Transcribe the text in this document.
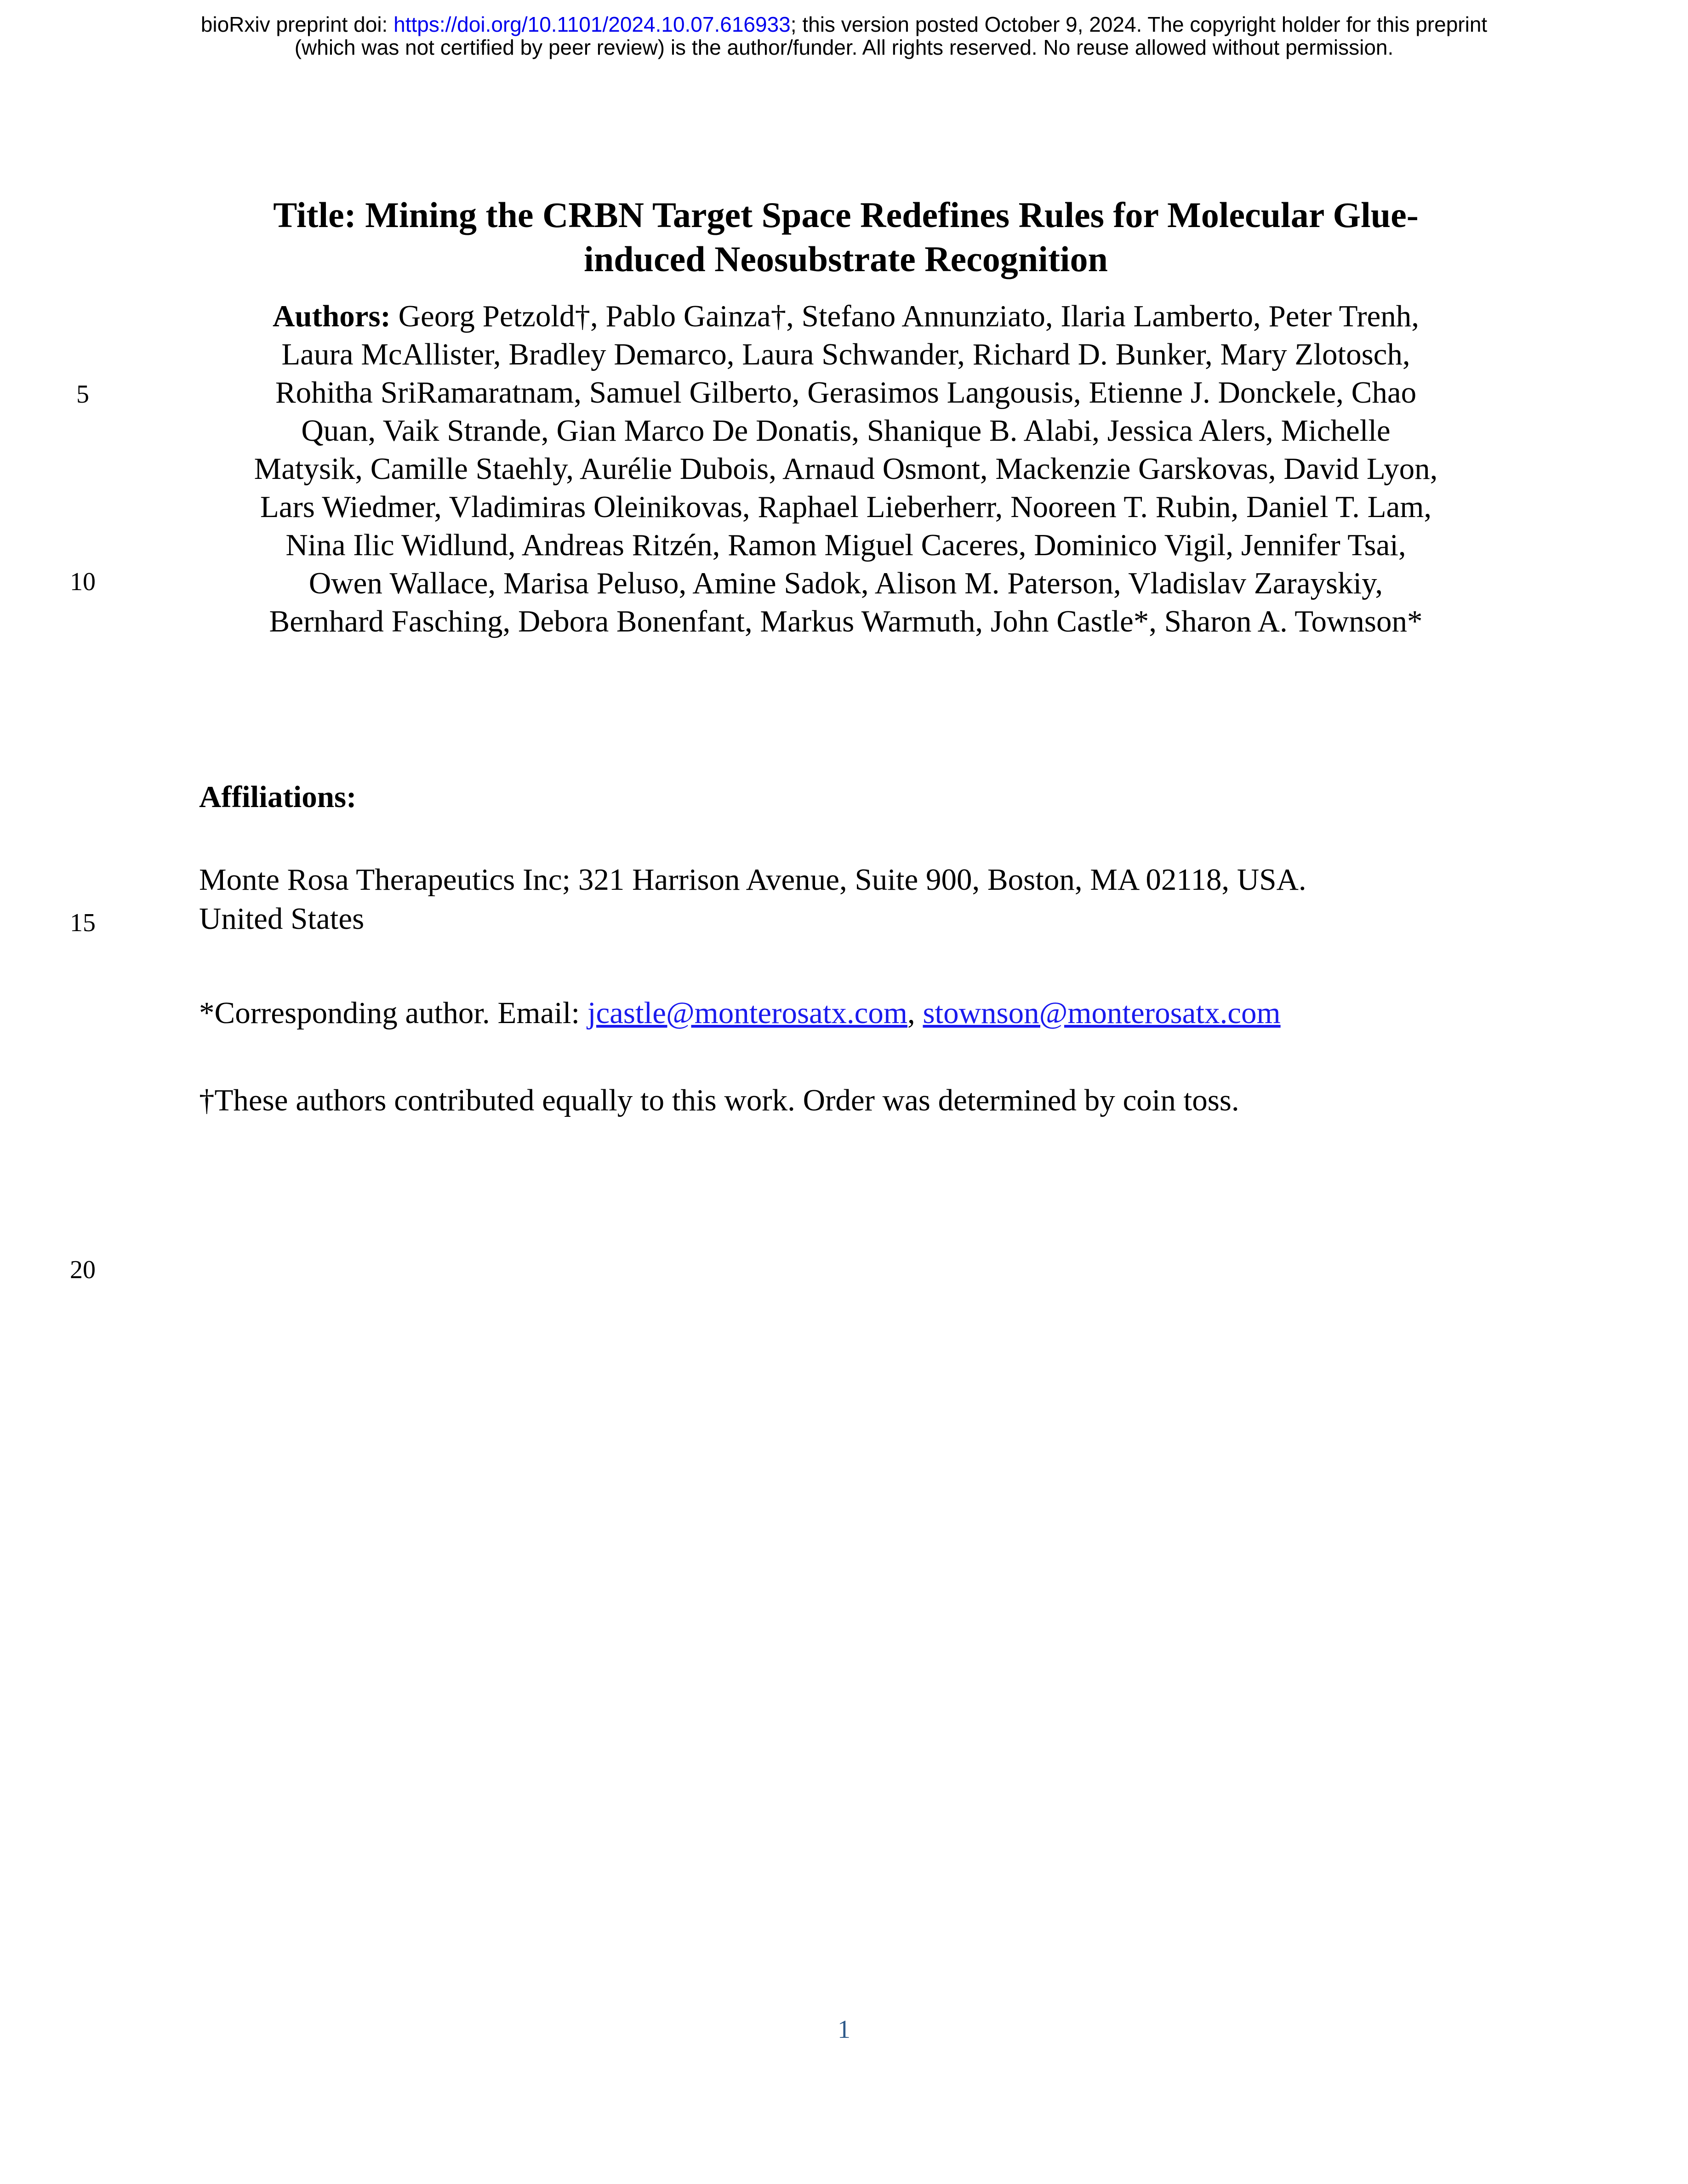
bioRxiv preprint doi: https://doi.org/10.1101/2024.10.07.616933; this version posted October 9, 2024. The copyright holder for this preprint
(which was not certified by peer review) is the author/funder. All rights reserved. No reuse allowed without permission.
Title: Mining the CRBN Target Space Redefines Rules for Molecular Glue-
induced Neosubstrate Recognition
Authors: Georg Petzold†, Pablo Gainza†, Stefano Annunziato, Ilaria Lamberto, Peter Trenh,
Laura McAllister, Bradley Demarco, Laura Schwander, Richard D. Bunker, Mary Zlotosch,
Rohitha SriRamaratnam, Samuel Gilberto, Gerasimos Langousis, Etienne J. Donckele, Chao
Quan, Vaik Strande, Gian Marco De Donatis, Shanique B. Alabi, Jessica Alers, Michelle
Matysik, Camille Staehly, Aurélie Dubois, Arnaud Osmont, Mackenzie Garskovas, David Lyon,
Lars Wiedmer, Vladimiras Oleinikovas, Raphael Lieberherr, Nooreen T. Rubin, Daniel T. Lam,
Nina Ilic Widlund, Andreas Ritzén, Ramon Miguel Caceres, Dominico Vigil, Jennifer Tsai,
Owen Wallace, Marisa Peluso, Amine Sadok, Alison M. Paterson, Vladislav Zarayskiy,
Bernhard Fasching, Debora Bonenfant, Markus Warmuth, John Castle*, Sharon A. Townson*
5
10
15
20
Affiliations:
Monte Rosa Therapeutics Inc; 321 Harrison Avenue, Suite 900, Boston, MA 02118, USA.
United States
*Corresponding author. Email: jcastle@monterosatx.com, stownson@monterosatx.com
†These authors contributed equally to this work. Order was determined by coin toss.
1
